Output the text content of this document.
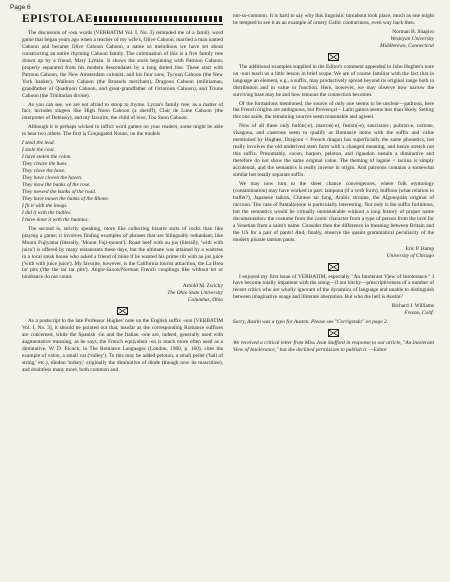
Page 6
EPISTOLAE

The discussion of -osn words (VERBATIM Vol. I, No. 3) reminded me of a family word game that began years ago when a teacher of my wife's, Olive Cahoon, married a man named Cahoon and became Olive Cahoon Cahoon, a name so melodious we have set about constructing an entire rhyming Cahoon family. The culmination of this is a five family tree drawn up by a friend, Mary Lyman. It shows the stork beginning with Patroon Cahoon, properly separated from his modern descendants by a long dotted line. These start with Patroon Cahoon, the New Amsterdam colonist, and his four sons, Tycoon Cahoon (the New York banker), Walloon Cahoon (the Brussels merchant), Dragoon Cahoon (militiaman, grandfather of Quadroon Cahoon, and great-grandfather of Octoroon Cahoon), and Triune Cahoon (the Trinitarian divine).

As you can see, we are not afraid to stoop to rhyme. Lycan's family tree, as a matter of fact, includes singers like High Noon Cahoon (a sheriff), Clair de Lune Cahoon (the interpreter of Debussy), and my favorite, the child of love, Too Soon Cahoon.

Although it is perhaps wicked to inflict word games on your readers, some might be able to hear two others. The first is Conjugated Nouns, on the models

I steal the lead.
I stole the coal.
I have stolen the colon.
They cleave the hues.
They clove the hose.
They have cloven the haven.
They mow the banks of the rose.
They mewed the banks of the road.
They have mown the banks of the Rhone.
I fit it with the lmogs.
I did it with the bidlles.
I have done it with the bunnies.

The second is, strictly speaking, more like collecting bizarre sorts of rocks than like playing a game; it involves finding examples of phrases that are bilingually redundant, like Mount Fujiyama (literally, 'Mount Fuji-mount'). Roast beef with au jus (literally, 'with with juice') is offered by many restaurants these days, but the ultimate was attained by a waitress in a local steak house who asked a friend of mine if he wanted his prime rib with au jus juice ('with with juice juice'). My favorite, however, is the California tourist attraction, the La Brea tar pits ('the the tar tar pits'). Anglo-Saxon/Norman French couplings like without let or hindrance do not count.

Arnold M. Zwicky
The Ohio State University
Columbus, Ohio

As a postscript to the late Professor Hughes' note on the English suffix -oon [VERBATIM Vol. I, No. 3], it should be pointed out that, insofar as the corresponding Romance suffixes are concerned, while the Spanish -ón and the Italian -one are, indeed, generally used with augmentative meaning, as he says, the French equivalent -on is much more often used as a diminutive. W. D. Elcock, in The Romance Languages (London, 1960, p. 160), cites the example of valon, a small vat ('valley'). To this may be added peloton, a small pellet ('ball of string,' etc.), dindon 'turkey,' originally the diminutive of dinde (though now its masculine), and doubtless many more, both common and

not-so-common. It is hard to say why this linguistic turnabout took place, much as one might be tempted to see it as an example of ornery Gallic contrariness, even way back then.

Norman B. Shapiro
Wesleyan University
Middletown, Connecticut

The additional examples supplied in the Editor's comment appended to John Hughes's note on -oon teach us a little lesson in brief scope. We are of course familiar with the fact that in language an element, e.g., a suffix, may productively spread beyond its original range both in distribution and in value or function. Here, however, we may observe how narrow the surviving base may be and how tenuous the connection becomes.

Of the formations mentioned, the source of only one seems to be unclear—gadroon, here the French origins are ambiguous, but Provençal ~ Latin gatura seems less than likely. Setting this one aside, the remaining sources seem reasonable and agreed.

Now of all these only bufon(-e), marron(-e), feston(-e), saucisson-, poltron-e, cartone, visagona, and caserone seem to qualify as Romance items with the suffix and value mentioned by Hughes. Dragoon < French dragon has superficially the same phonetics, but really involves the old underived stem form with a changed meaning, and hence stretch not this suffix. Presumably, cocon, harpon, peloton, and rigaudon sustain a diminutive and therefore do not show the same original value. The theming of lagune < lacūna is simply accidental, and the semantics is really inverse in origin. And patroons contains a somewhat similar but totally separate suffix.

We may now turn to the sheer chance convergences, where folk etymology (contamination) may have worked in part: lampona (if a verb form), buffoon (what relation to buffet?), Japanese taikun, Chinese tai fung, Arabic siroime, the Algonquian original of raccoon. The case of Pantal(e)one is particularly interesting. Not only is the suffix fortuitous, but the semantics would be virtually unmistakable without a long history of proper name documentation: the costume from the comic character from a type of person from the love for a Venetian from a saint's name. Consider then the difference in meaning between Britain and the US for a pair of pants! And, finally, observe the quaint grammatical peculiarity of the modern plurale tantum pants.

Eric P. Hamp
University of Chicago

I enjoyed my first issue of VERBATIM, especially "An Intolerant View of Intolerance." I have become totally impatient with the smug—if not bitchy—prescriptiveness of a number of recent critics who are wholly ignorant of the dynamics of language and unable to distinguish between imaginative usage and illiterate aberration. But who the hell is Austin?

Richard J. Williams
Fresno, Calif.

Sorry, Austin was a typo for Austen. Please see "Corrigenda" on page 2.

We received a critical letter from Miss Jean Stafford in response to our article, "An Intolerant View of Intolerance," but she declined permission to publish it. —Editor
